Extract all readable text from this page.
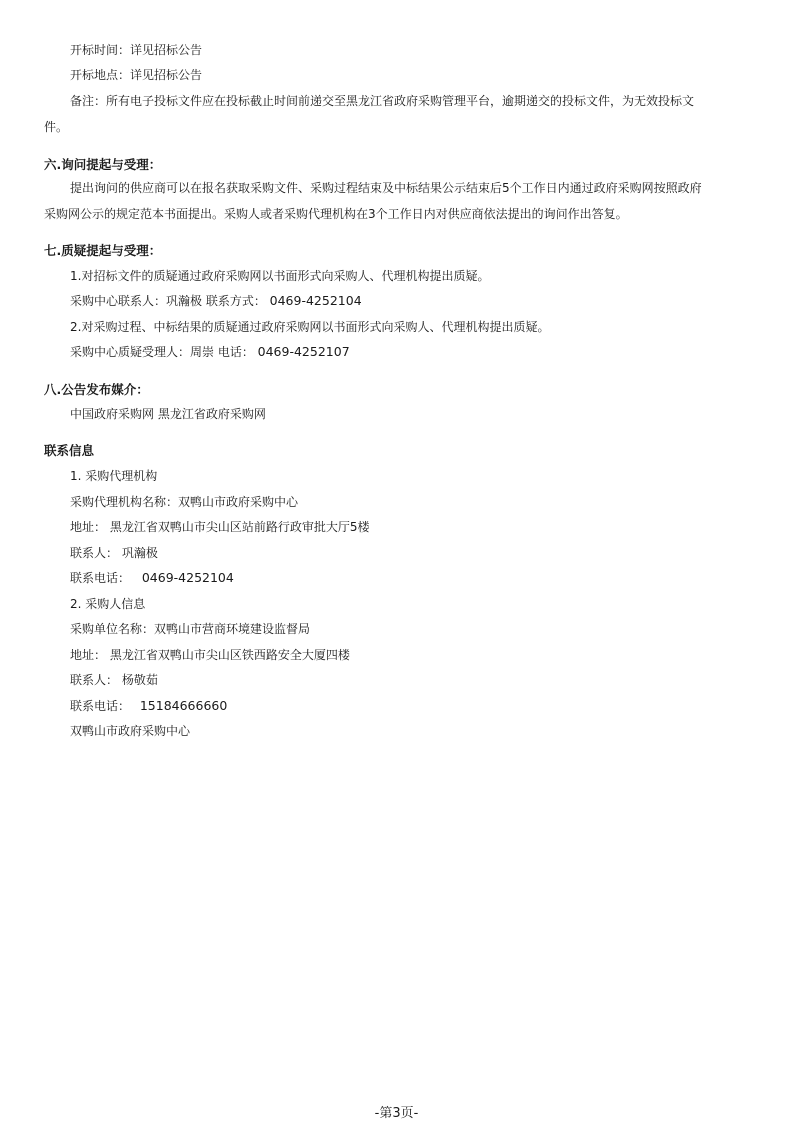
开标时间：详见招标公告
开标地点：详见招标公告
备注：所有电子投标文件应在投标截止时间前递交至黑龙江省政府采购管理平台，逾期递交的投标文件，为无效投标文
件。
六.询问提起与受理：
提出询问的供应商可以在报名获取采购文件、采购过程结束及中标结果公示结束后5个工作日内通过政府采购网按照政府
采购网公示的规定范本书面提出。采购人或者采购代理机构在3个工作日内对供应商依法提出的询问作出答复。
七.质疑提起与受理：
1.对招标文件的质疑通过政府采购网以书面形式向采购人、代理机构提出质疑。
采购中心联系人：巩瀚极 联系方式： 0469-4252104
2.对采购过程、中标结果的质疑通过政府采购网以书面形式向采购人、代理机构提出质疑。
采购中心质疑受理人：周崇 电话： 0469-4252107
八.公告发布媒介：
中国政府采购网 黑龙江省政府采购网
联系信息
1. 采购代理机构
采购代理机构名称：双鸭山市政府采购中心
地址： 黑龙江省双鸭山市尖山区站前路行政审批大厅5楼
联系人： 巩瀚极
联系电话： 0469-4252104
2. 采购人信息
采购单位名称：双鸭山市营商环境建设监督局
地址： 黑龙江省双鸭山市尖山区铁西路安全大厦四楼
联系人： 杨敬茹
联系电话： 15184666660
双鸭山市政府采购中心
-第3页-
